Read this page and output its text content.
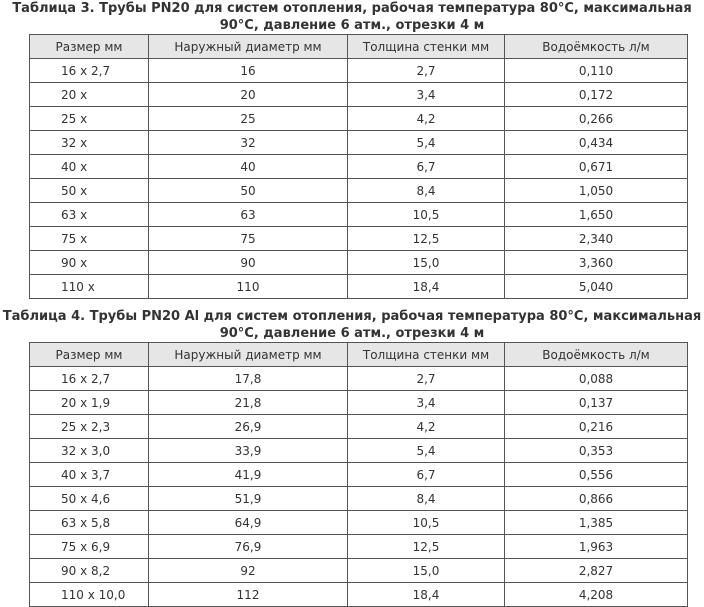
Таблица 3. Трубы PN20 для систем отопления, рабочая температура 80°С, максимальная 90°С, давление 6 атм., отрезки 4 м

Размер мм	Наружный диаметр мм	Толщина стенки мм	Водоёмкость л/м
16 х 2,7	16	2,7	0,110
20 х	20	3,4	0,172
25 х	25	4,2	0,266
32 х	32	5,4	0,434
40 х	40	6,7	0,671
50 х	50	8,4	1,050
63 х	63	10,5	1,650
75 х	75	12,5	2,340
90 х	90	15,0	3,360
110 х	110	18,4	5,040

Таблица 4. Трубы PN20 Al для систем отопления, рабочая температура 80°С, максимальная 90°С, давление 6 атм., отрезки 4 м

Размер мм	Наружный диаметр мм	Толщина стенки мм	Водоёмкость л/м
16 х 2,7	17,8	2,7	0,088
20 х 1,9	21,8	3,4	0,137
25 х 2,3	26,9	4,2	0,216
32 х 3,0	33,9	5,4	0,353
40 х 3,7	41,9	6,7	0,556
50 х 4,6	51,9	8,4	0,866
63 х 5,8	64,9	10,5	1,385
75 х 6,9	76,9	12,5	1,963
90 х 8,2	92	15,0	2,827
110 х 10,0	112	18,4	4,208
